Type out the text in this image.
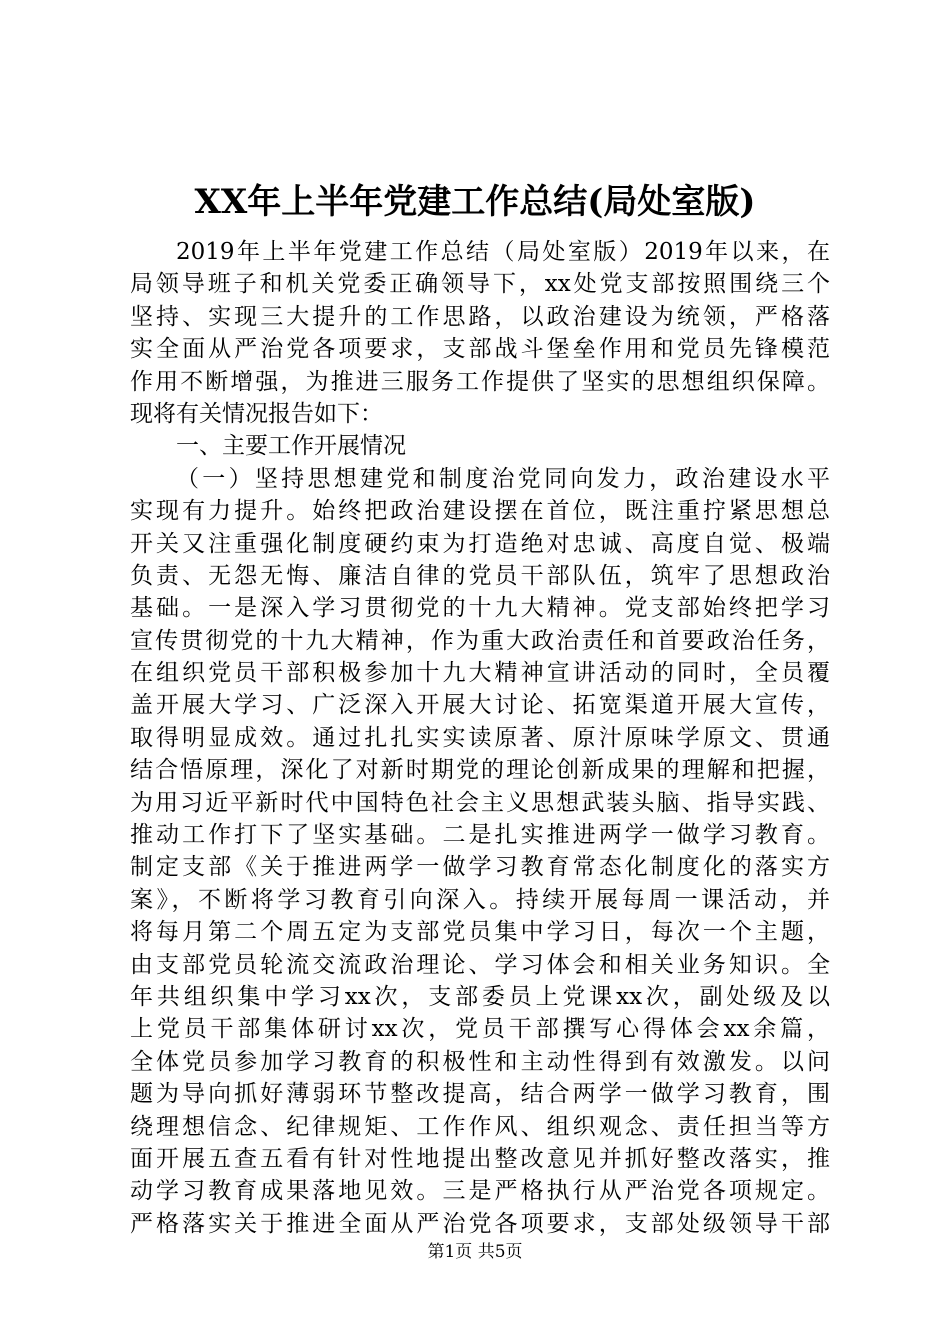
XX年上半年党建工作总结(局处室版)
2019年上半年党建工作总结（局处室版）2019年以来，在
局领导班子和机关党委正确领导下，xx处党支部按照围绕三个
坚持、实现三大提升的工作思路，以政治建设为统领，严格落
实全面从严治党各项要求，支部战斗堡垒作用和党员先锋模范
作用不断增强，为推进三服务工作提供了坚实的思想组织保障。
现将有关情况报告如下：
一、主要工作开展情况
（一）坚持思想建党和制度治党同向发力，政治建设水平
实现有力提升。始终把政治建设摆在首位，既注重拧紧思想总
开关又注重强化制度硬约束为打造绝对忠诚、高度自觉、极端
负责、无怨无悔、廉洁自律的党员干部队伍，筑牢了思想政治
基础。一是深入学习贯彻党的十九大精神。党支部始终把学习
宣传贯彻党的十九大精神，作为重大政治责任和首要政治任务，
在组织党员干部积极参加十九大精神宣讲活动的同时，全员覆
盖开展大学习、广泛深入开展大讨论、拓宽渠道开展大宣传，
取得明显成效。通过扎扎实实读原著、原汁原味学原文、贯通
结合悟原理，深化了对新时期党的理论创新成果的理解和把握，
为用习近平新时代中国特色社会主义思想武装头脑、指导实践、
推动工作打下了坚实基础。二是扎实推进两学一做学习教育。
制定支部《关于推进两学一做学习教育常态化制度化的落实方
案》，不断将学习教育引向深入。持续开展每周一课活动，并
将每月第二个周五定为支部党员集中学习日，每次一个主题，
由支部党员轮流交流政治理论、学习体会和相关业务知识。全
年共组织集中学习xx次，支部委员上党课xx次，副处级及以
上党员干部集体研讨xx次，党员干部撰写心得体会xx余篇，
全体党员参加学习教育的积极性和主动性得到有效激发。以问
题为导向抓好薄弱环节整改提高，结合两学一做学习教育，围
绕理想信念、纪律规矩、工作作风、组织观念、责任担当等方
面开展五查五看有针对性地提出整改意见并抓好整改落实，推
动学习教育成果落地见效。三是严格执行从严治党各项规定。
严格落实关于推进全面从严治党各项要求，支部处级领导干部
第1页 共5页
